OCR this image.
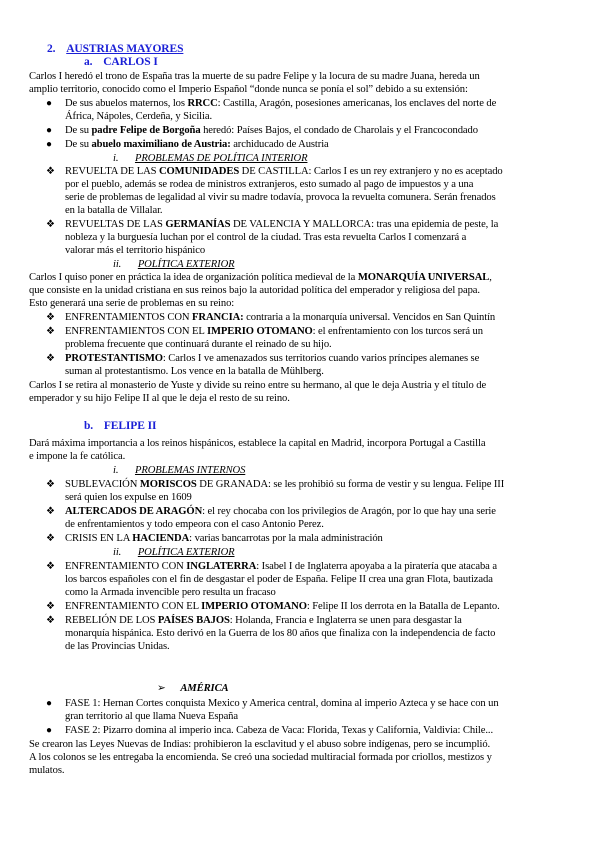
2. AUSTRIAS MAYORES
a. CARLOS I
Carlos I heredó el trono de España tras la muerte de su padre Felipe y la locura de su madre Juana, hereda un
amplio territorio, conocido como el Imperio Español “donde nunca se ponía el sol” debido a su extensión:
● De sus abuelos maternos, los RRCC: Castilla, Aragón, posesiones americanas, los enclaves del norte de
África, Nápoles, Cerdeña, y Sicilia.
● De su padre Felipe de Borgoña heredó: Países Bajos, el condado de Charolais y el Francocondado
● De su abuelo maximiliano de Austria: archiducado de Austria
i. PROBLEMAS DE POLÍTICA INTERIOR
❖ REVUELTA DE LAS COMUNIDADES DE CASTILLA: Carlos I es un rey extranjero y no es aceptado
por el pueblo, además se rodea de ministros extranjeros, esto sumado al pago de impuestos y a una
serie de problemas de legalidad al vivir su madre todavía, provoca la revuelta comunera. Serán frenados
en la batalla de Villalar.
❖ REVUELTAS DE LAS GERMANÍAS DE VALENCIA Y MALLORCA: tras una epidemia de peste, la
nobleza y la burguesía luchan por el control de la ciudad. Tras esta revuelta Carlos I comenzará a
valorar más el territorio hispánico
ii. POLÍTICA EXTERIOR
Carlos I quiso poner en práctica la idea de organización política medieval de la MONARQUÍA UNIVERSAL,
que consiste en la unidad cristiana en sus reinos bajo la autoridad política del emperador y religiosa del papa.
Esto generará una serie de problemas en su reino:
❖ ENFRENTAMIENTOS CON FRANCIA: contraria a la monarquía universal. Vencidos en San Quintín
❖ ENFRENTAMIENTOS CON EL IMPERIO OTOMANO: el enfrentamiento con los turcos será un
problema frecuente que continuará durante el reinado de su hijo.
❖ PROTESTANTISMO: Carlos I ve amenazados sus territorios cuando varios príncipes alemanes se
suman al protestantismo. Los vence en la batalla de Mühlberg.
Carlos I se retira al monasterio de Yuste y divide su reino entre su hermano, al que le deja Austria y el título de
emperador y su hijo Felipe II al que le deja el resto de su reino.
b. FELIPE II
Dará máxima importancia a los reinos hispánicos, establece la capital en Madrid, incorpora Portugal a Castilla
e impone la fe católica.
i. PROBLEMAS INTERNOS
❖ SUBLEVACIÓN MORISCOS DE GRANADA: se les prohibió su forma de vestir y su lengua. Felipe III
será quien los expulse en 1609
❖ ALTERCADOS DE ARAGÓN: el rey chocaba con los privilegios de Aragón, por lo que hay una serie
de enfrentamientos y todo empeora con el caso Antonio Perez.
❖ CRISIS EN LA HACIENDA: varias bancarrotas por la mala administración
ii. POLÍTICA EXTERIOR
❖ ENFRENTAMIENTO CON INGLATERRA: Isabel I de Inglaterra apoyaba a la piratería que atacaba a
los barcos españoles con el fin de desgastar el poder de España. Felipe II crea una gran Flota, bautizada
como la Armada invencible pero resulta un fracaso
❖ ENFRENTAMIENTO CON EL IMPERIO OTOMANO: Felipe II los derrota en la Batalla de Lepanto.
❖ REBELIÓN DE LOS PAÍSES BAJOS: Holanda, Francia e Inglaterra se unen para desgastar la
monarquía hispánica. Esto derivó en la Guerra de los 80 años que finaliza con la independencia de facto
de las Provincias Unidas.
➢ AMÉRICA
● FASE 1: Hernan Cortes conquista Mexico y America central, domina al imperio Azteca y se hace con un
gran territorio al que llama Nueva España
● FASE 2: Pizarro domina al imperio inca. Cabeza de Vaca: Florida, Texas y California, Valdivia: Chile...
Se crearon las Leyes Nuevas de Indias: prohibieron la esclavitud y el abuso sobre indígenas, pero se incumplió.
A los colonos se les entregaba la encomienda. Se creó una sociedad multiracial formada por criollos, mestizos y
mulatos.
